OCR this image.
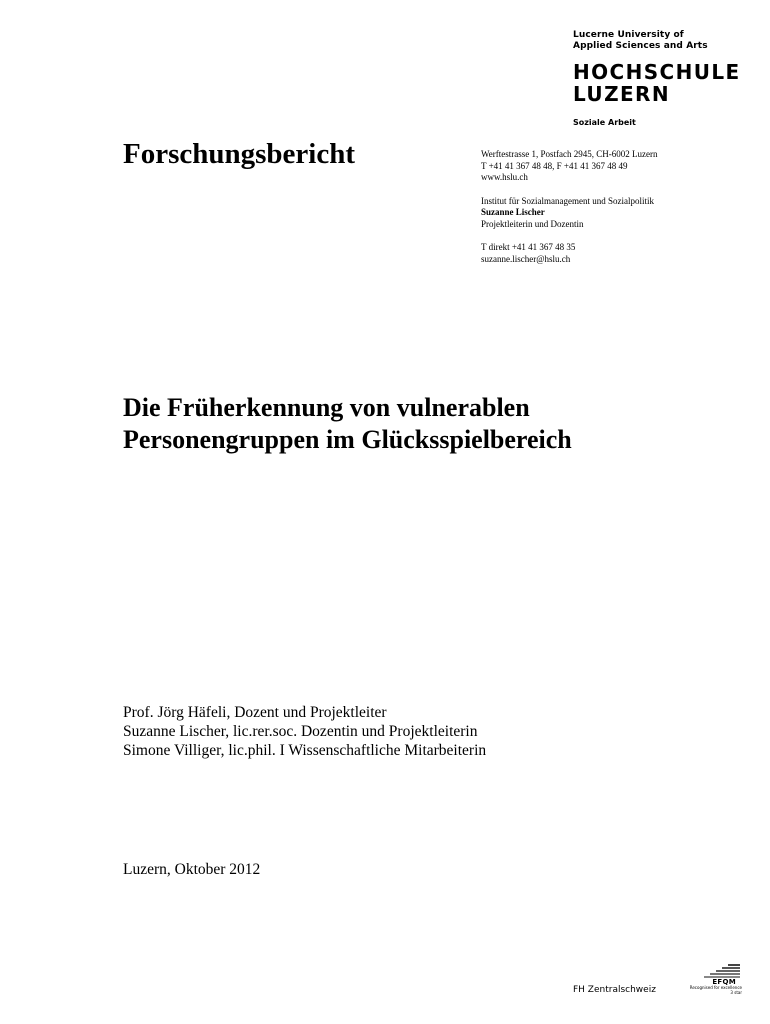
Lucerne University of
Applied Sciences and Arts
HOCHSCHULE
LUZERN
Soziale Arbeit
Forschungsbericht	Werftestrasse 1, Postfach 2945, CH-6002 Luzern
T +41 41 367 48 48, F +41 41 367 48 49
www.hslu.ch
Institut für Sozialmanagement und Sozialpolitik
Suzanne Lischer
Projektleiterin und Dozentin
T direkt +41 41 367 48 35
suzanne.lischer@hslu.ch
Die Früherkennung von vulnerablen
Personengruppen im Glücksspielbereich
Prof. Jörg Häfeli, Dozent und Projektleiter
Suzanne Lischer, lic.rer.soc. Dozentin und Projektleiterin
Simone Villiger, lic.phil. I Wissenschaftliche Mitarbeiterin
Luzern, Oktober 2012
FH Zentralschweiz
EFQM
Recognised for excellence
3 star
